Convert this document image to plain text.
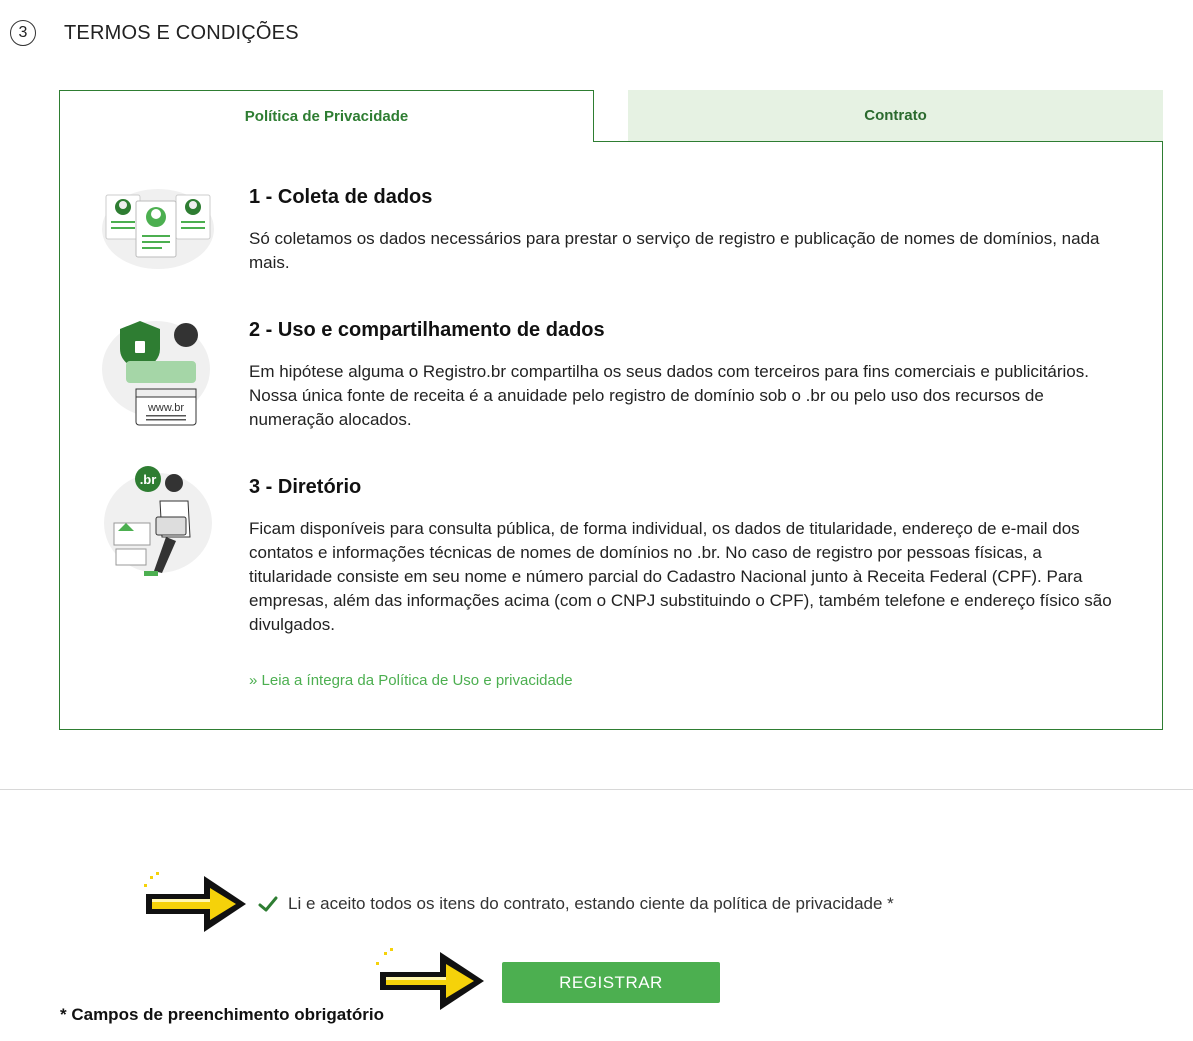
3	TERMOS E CONDIÇÕES
Política de Privacidade	Contrato
1 - Coleta de dados

Só coletamos os dados necessários para prestar o serviço de registro e publicação de nomes de domínios, nada mais.

www.br
2 - Uso e compartilhamento de dados

Em hipótese alguma o Registro.br compartilha os seus dados com terceiros para fins comerciais e publicitários. Nossa única fonte de receita é a anuidade pelo registro de domínio sob o .br ou pelo uso dos recursos de numeração alocados.

.br	3 - Diretório

Ficam disponíveis para consulta pública, de forma individual, os dados de titularidade, endereço de e-mail dos contatos e informações técnicas de nomes de domínios no .br. No caso de registro por pessoas físicas, a titularidade consiste em seu nome e número parcial do Cadastro Nacional junto à Receita Federal (CPF). Para empresas, além das informações acima (com o CNPJ substituindo o CPF), também telefone e endereço físico são divulgados.

» Leia a íntegra da Política de Uso e privacidade
Li e aceito todos os itens do contrato, estando ciente da política de privacidade *
REGISTRAR
* Campos de preenchimento obrigatório
